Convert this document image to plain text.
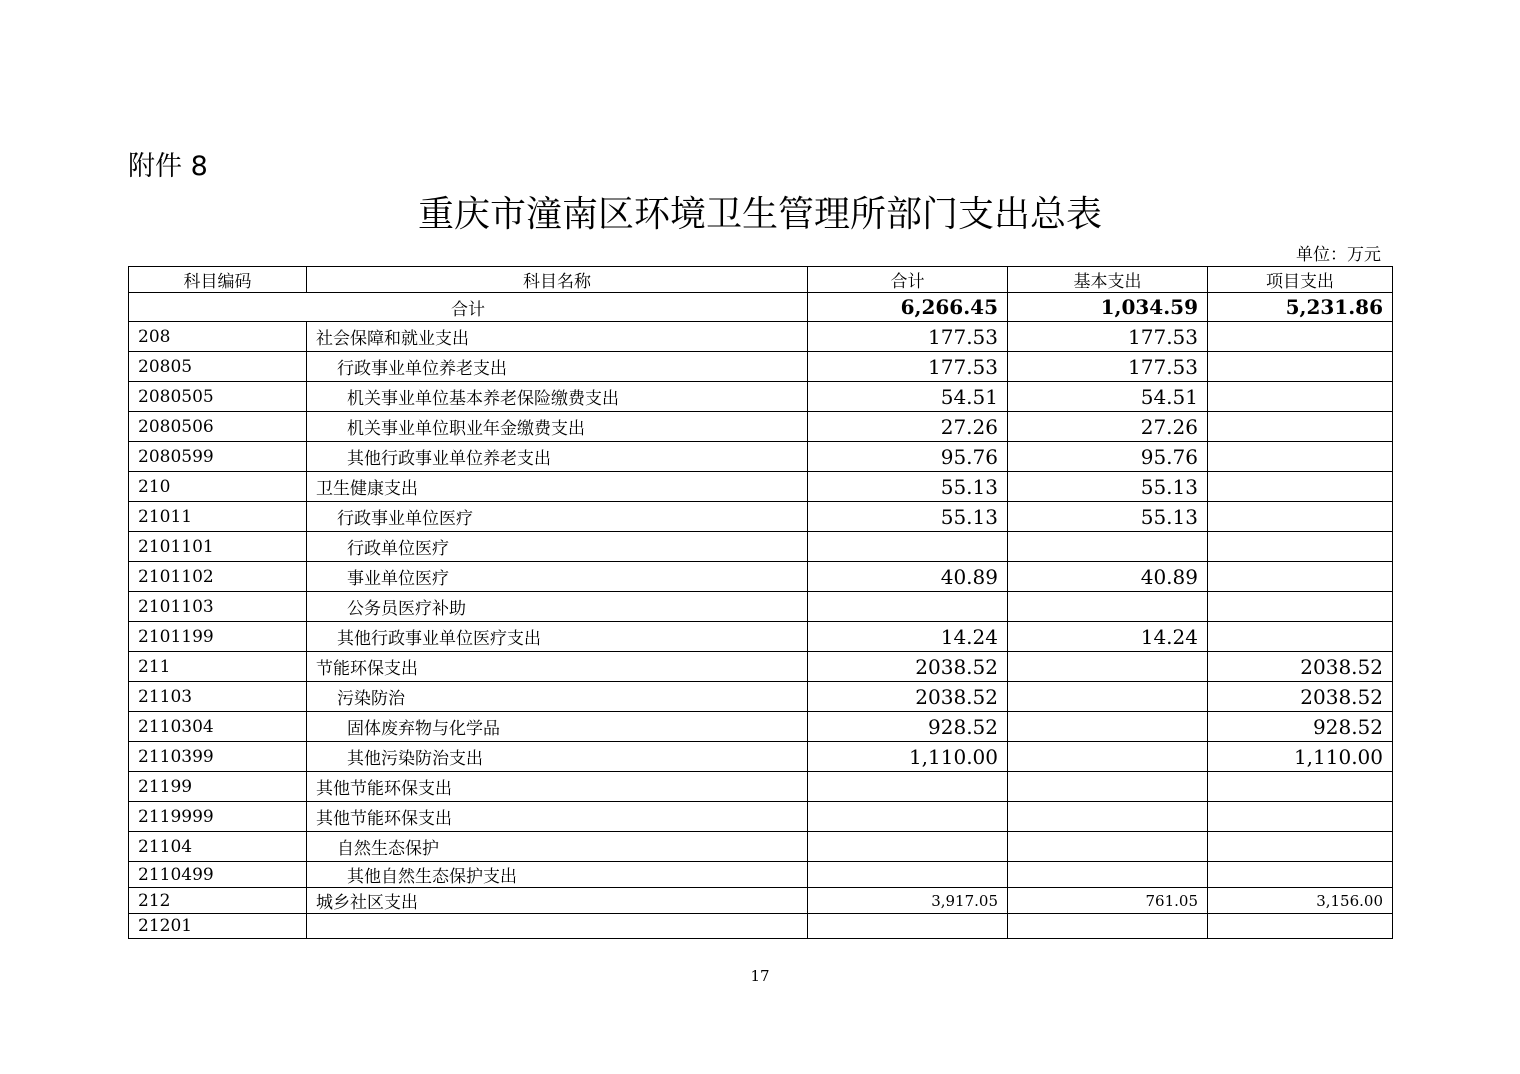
附件 8
重庆市潼南区环境卫生管理所部门支出总表
单位：万元
科目编码	科目名称	合计	基本支出	项目支出
合计		6,266.45	1,034.59	5,231.86
208	社会保障和就业支出	177.53	177.53	
20805	行政事业单位养老支出	177.53	177.53	
2080505	机关事业单位基本养老保险缴费支出	54.51	54.51	
2080506	机关事业单位职业年金缴费支出	27.26	27.26	
2080599	其他行政事业单位养老支出	95.76	95.76	
210	卫生健康支出	55.13	55.13	
21011	行政事业单位医疗	55.13	55.13	
2101101	行政单位医疗			
2101102	事业单位医疗	40.89	40.89	
2101103	公务员医疗补助			
2101199	其他行政事业单位医疗支出	14.24	14.24	
211	节能环保支出	2038.52		2038.52
21103	污染防治	2038.52		2038.52
2110304	固体废弃物与化学品	928.52		928.52
2110399	其他污染防治支出	1,110.00		1,110.00
21199	其他节能环保支出			
2119999	其他节能环保支出			
21104	自然生态保护			
2110499	其他自然生态保护支出			
212	城乡社区支出	3,917.05	761.05	3,156.00
21201				
17
